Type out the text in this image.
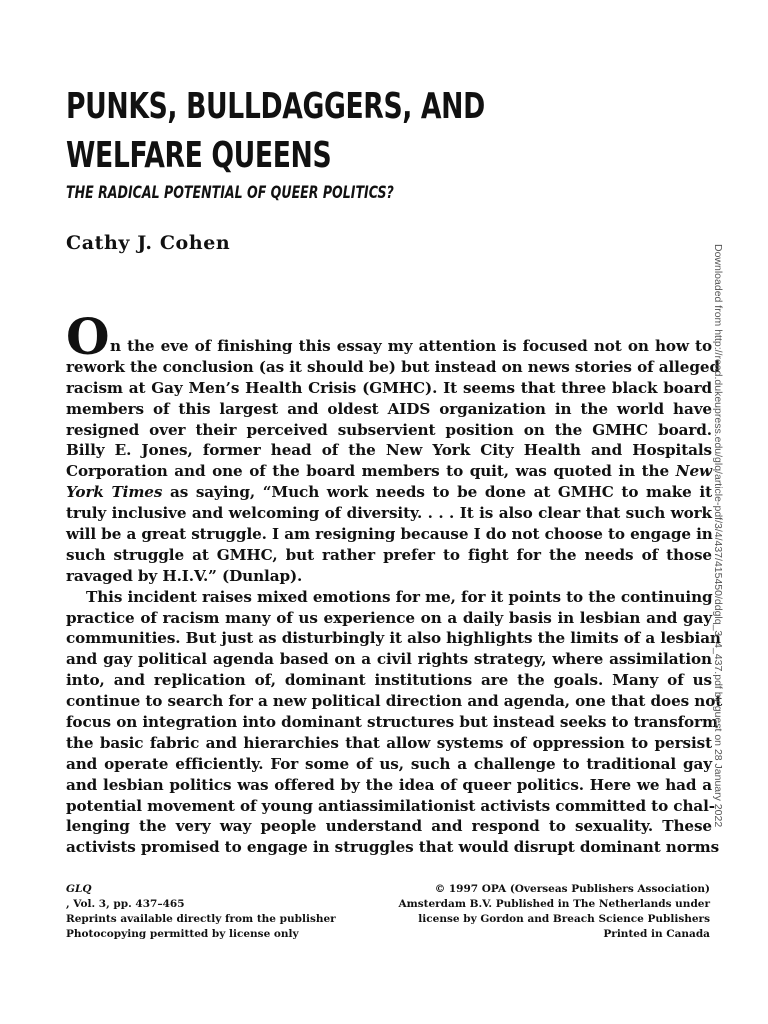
PUNKS, BULLDAGGERS, AND
WELFARE QUEENS
THE RADICAL POTENTIAL OF QUEER POLITICS?
Cathy J. Cohen
O n the eve of finishing this essay my attention is focused not on how to
rework the conclusion (as it should be) but instead on news stories of alleged
racism at Gay Men’s Health Crisis (GMHC). It seems that three black board
members of this largest and oldest AIDS organization in the world have
resigned over their perceived subservient position on the GMHC board.
Billy E. Jones, former head of the New York City Health and Hospitals
Corporation and one of the board members to quit, was quoted in the New
York Times as saying, “Much work needs to be done at GMHC to make it
truly inclusive and welcoming of diversity. . . . It is also clear that such work
will be a great struggle. I am resigning because I do not choose to engage in
such struggle at GMHC, but rather prefer to fight for the needs of those
ravaged by H.I.V.” (Dunlap).
This incident raises mixed emotions for me, for it points to the continuing
practice of racism many of us experience on a daily basis in lesbian and gay
communities. But just as disturbingly it also highlights the limits of a lesbian
and gay political agenda based on a civil rights strategy, where assimilation
into, and replication of, dominant institutions are the goals. Many of us
continue to search for a new political direction and agenda, one that does not
focus on integration into dominant structures but instead seeks to transform
the basic fabric and hierarchies that allow systems of oppression to persist
and operate efficiently. For some of us, such a challenge to traditional gay
and lesbian politics was offered by the idea of queer politics. Here we had a
potential movement of young antiassimilationist activists committed to chal-
lenging the very way people understand and respond to sexuality. These
activists promised to engage in struggles that would disrupt dominant norms
GLQ
, Vol. 3, pp. 437–465
Reprints available directly from the publisher
Photocopying permitted by license only
© 1997 OPA (Overseas Publishers Association)
Amsterdam B.V. Published in The Netherlands under
license by Gordon and Breach Science Publishers
Printed in Canada
Downloaded from http://read.dukeupress.edu/glq/article-pdf/3/4/437/415450/ddglq_3_4_437.pdf by guest on 28 January 2022
